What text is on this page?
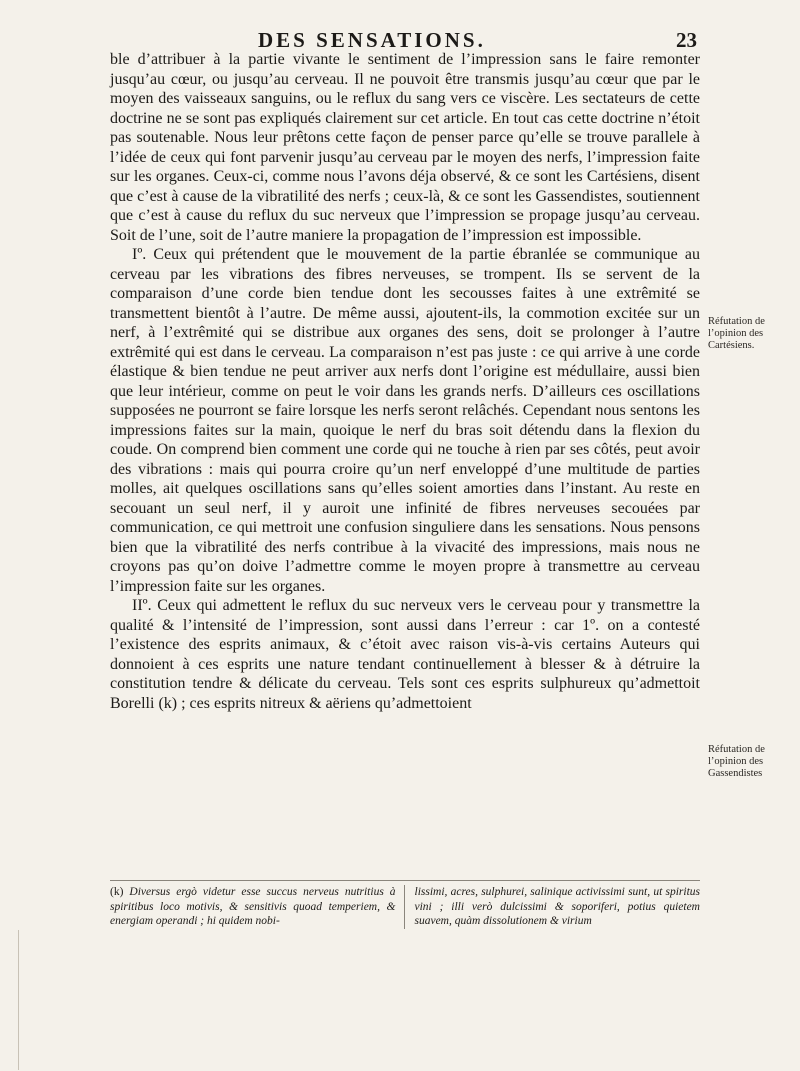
DES SENSATIONS.	23

ble d’attribuer à la partie vivante le sentiment de l’impression sans le faire remonter jusqu’au cœur, ou jusqu’au cerveau. Il ne pouvoit être transmis jusqu’au cœur que par le moyen des vaisseaux sanguins, ou le reflux du sang vers ce viscère. Les sectateurs de cette doctrine ne se sont pas expliqués clairement sur cet article. En tout cas cette doctrine n’étoit pas soutenable. Nous leur prêtons cette façon de penser parce qu’elle se trouve parallele à l’idée de ceux qui font parvenir jusqu’au cerveau par le moyen des nerfs, l’impression faite sur les organes. Ceux-ci, comme nous l’avons déja observé, & ce sont les Cartésiens, disent que c’est à cause de la vibratilité des nerfs ; ceux-là, & ce sont les Gassendistes, soutiennent que c’est à cause du reflux du suc nerveux que l’impression se propage jusqu’au cerveau. Soit de l’une, soit de l’autre maniere la propagation de l’impression est impossible.

Iº. Ceux qui prétendent que le mouvement de la partie ébranlée se communique au cerveau par les vibrations des fibres nerveuses, se trompent. Ils se servent de la comparaison d’une corde bien tendue dont les secousses faites à une extrêmité se transmettent bientôt à l’autre. De même aussi, ajoutent-ils, la commotion excitée sur un nerf, à l’extrêmité qui se distribue aux organes des sens, doit se prolonger à l’autre extrêmité qui est dans le cerveau. La comparaison n’est pas juste : ce qui arrive à une corde élastique & bien tendue ne peut arriver aux nerfs dont l’origine est médullaire, aussi bien que leur intérieur, comme on peut le voir dans les grands nerfs. D’ailleurs ces oscillations supposées ne pourront se faire lorsque les nerfs seront relâchés. Cependant nous sentons les impressions faites sur la main, quoique le nerf du bras soit détendu dans la flexion du coude. On comprend bien comment une corde qui ne touche à rien par ses côtés, peut avoir des vibrations : mais qui pourra croire qu’un nerf enveloppé d’une multitude de parties molles, ait quelques oscillations sans qu’elles soient amorties dans l’instant. Au reste en secouant un seul nerf, il y auroit une infinité de fibres nerveuses secouées par communication, ce qui mettroit une confusion singuliere dans les sensations. Nous pensons bien que la vibratilité des nerfs contribue à la vivacité des impressions, mais nous ne croyons pas qu’on doive l’admettre comme le moyen propre à transmettre au cerveau l’impression faite sur les organes.

IIº. Ceux qui admettent le reflux du suc nerveux vers le cerveau pour y transmettre la qualité & l’intensité de l’impression, sont aussi dans l’erreur : car 1º. on a contesté l’existence des esprits animaux, & c’étoit avec raison vis-à-vis certains Auteurs qui donnoient à ces esprits une nature tendant continuellement à blesser & à détruire la constitution tendre & délicate du cerveau. Tels sont ces esprits sulphureux qu’admettoit Borelli (k) ; ces esprits nitreux & aëriens qu’admettoient

Réfutation de l’opinion des Cartésiens.
Réfutation de l’opinion des Gassendistes
(k) Diversus ergò videtur esse succus nerveus nutritius à spiritibus loco motivis, & sensitivis quoad temperiem, & energiam operandi ; hi quidem nobi-
lissimi, acres, sulphurei, salinique activissimi sunt, ut spiritus vini ; illi verò dulcissimi & soporiferi, potius quietem suavem, quàm dissolutionem & virium
